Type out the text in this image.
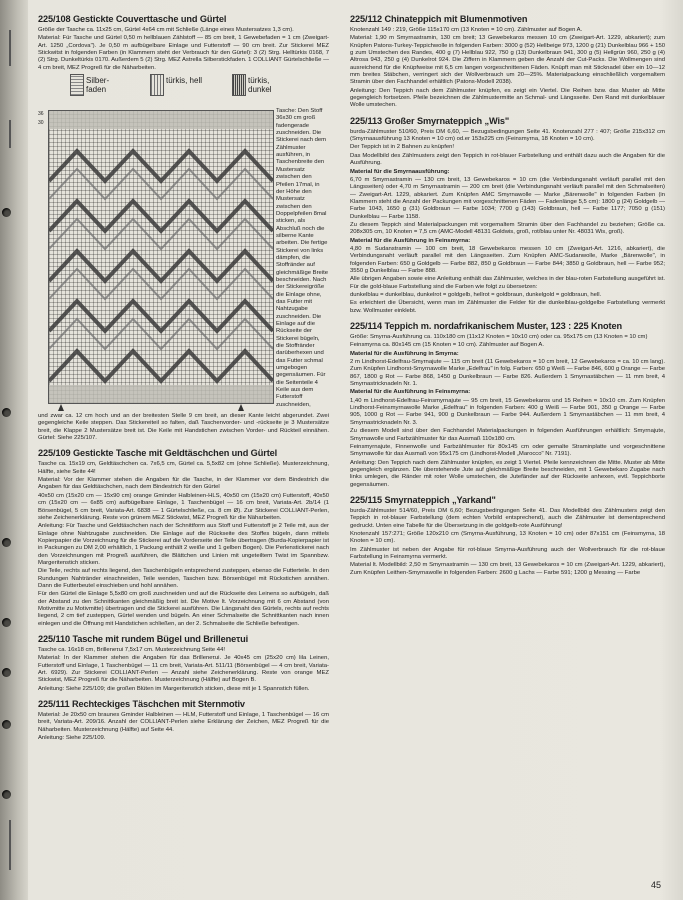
225/108 Gestickte Couverttasche und Gürtel

Größe der Tasche ca. 11x25 cm, Gürtel 4x64 cm mit Schließe (Länge eines Mustersatzes 1,3 cm).

Material: Für Tasche und Gürtel 0,50 m hellblauen Zählstoff — 85 cm breit, 1 Gewebefaden = 1 cm (Zweigart-Art. 1250 „Cordova"). Je 0,50 m aufbügelbare Einlage und Futterstoff — 90 cm breit. Zur Stickerei MEZ Stickwitst in folgenden Farben (in Klammern steht der Verbrauch für den Gürtel): 3 (2) Strg. Helltürkis 0168, 7 (2) Strg. Dunkeltürkis 0170. Außerdem 5 (2) Strg. MEZ Astrella Silberstickfaden. 1 COLLIANT Gürtelschließe — 4 cm breit, MEZ Progreß für die Näharbeiten.

Silber-faden
türkis, hell	türkis, dunkel
36
30
Tasche: Den Stoff 36x30 cm groß fadengerade zuschneiden. Die Stickerei nach dem Zählmuster ausführen, in Taschenbreite den Mustersatz zwischen den Pfeilen 17mal, in der Höhe den Mustersatz zwischen den Doppelpfeilen 8mal sticken, als Abschluß noch die silberne Kante arbeiten. Die fertige Stickerei von links dämpfen, die Stoffränder auf gleichmäßige Breite beschneiden. Nach der Stickereigröße die Einlage ohne, das Futter mit Nahtzugabe zuschneiden. Die Einlage auf die Rückseite der Stickerei bügeln, die Stoffränder darüberhexen und das Futter schmal umgebogen gegensäumen. Für die Seitenteile 4 Keile aus dem Futterstoff zuschneiden,

und zwar ca. 12 cm hoch und an der breitesten Stelle 9 cm breit, an dieser Kante leicht abgerundet. Zwei gegengleiche Keile steppen. Das Stickereiteil so falten, daß Taschenvorder- und -rückseite je 3 Mustersätze breit, die Klappe 2 Mustersätze breit ist. Die Keile mit Handstichen zwischen Vorder- und Rückteil einnähen. Gürtel: Siehe 225/107.

225/109 Gestickte Tasche mit Geldtäschchen und Gürtel

Tasche ca. 15x19 cm, Geldtäschchen ca. 7x6,5 cm, Gürtel ca. 5,5x82 cm (ohne Schließe). Musterzeichnung, Hälfte, siehe Seite 44!

Material: Vor der Klammer stehen die Angaben für die Tasche, in der Klammer vor dem Bindestrich die Angaben für das Geldtäschchen, nach dem Bindestrich für den Gürtel

40x50 cm (15x20 cm — 15x90 cm) orange Gminder Halbleinen-HLS, 40x50 cm (15x20 cm) Futterstoff, 40x50 cm (15x20 cm — 6x85 cm) aufbügelbare Einlage, 1 Taschenbügel — 16 cm breit, Variata-Art. 2b/14 (1 Börsenbügel, 5 cm breit, Variata-Art. 6838 — 1 Gürtelschließe, ca. 8 cm Ø). Zur Stickerei COLLIANT-Perlen, siehe Zeichenerklärung. Reste von grünem MEZ Stickwist, MEZ Progreß für die Näharbeiten.

Anleitung: Für Tasche und Geldtäschchen nach der Schnittform aus Stoff und Futterstoff je 2 Teile mit, aus der Einlage ohne Nahtzugabe zuschneiden. Die Einlage auf die Rückseite des Stoffes bügeln, dann mittels Kopierpapier die Vorzeichnung für die Stickerei auf die Vorderseite der Teile übertragen (Burda-Kopierpapier ist in Packungen zu DM 2,00 erhältlich, 1 Packung enthält 2 weiße und 1 gelben Bogen). Die Perlenstickerei nach den Vorzeichnungen mit Progreß ausführen, die Blättchen und Linien mit ungeteiltem Twist im Spannbzw. Margeritenstich sticken.

Die Teile, rechts auf rechts liegend, den Taschenbügeln entsprechend zusteppen, ebenso die Futterteile. In den Rundungen Nahtränder einschneiden, Teile wenden, Taschen bzw. Börsenbügel mit Rückstichen annähen. Dann die Futterbeutel einschieben und hohl annähen.

Für den Gürtel die Einlage 5,5x80 cm groß zuschneiden und auf die Rückseite des Leinens so aufbügeln, daß der Abstand zu den Schnittkanten gleichmäßig breit ist. Die Motive lt. Vorzeichnung mit 6 cm Abstand (von Motivmitte zu Motivmitte) übertragen und die Stickerei ausführen. Die Längsnaht des Gürtels, rechts auf rechts liegend, 2 cm tief zusteppen, Gürtel wenden und bügeln. An einer Schmalseite die Schnittkanten nach innen einlegen und die Öffnung mit Handstichen schließen, an der 2. Schmalseite die Schließe befestigen.

225/110 Tasche mit rundem Bügel und Brilleneτui

Tasche ca. 16x18 cm, Brilleneτui 7,5x17 cm. Musterzeichnung Seite 44!

Material: In der Klammer stehen die Angaben für das Brilleneτui. Je 40x45 cm (25x20 cm) lila Leinen, Futterstoff und Einlage, 1 Taschenbügel — 11 cm breit, Variata-Art. 511/11 (Börsenbügel — 4 cm breit, Variata-Art. 6929). Zur Stickerei COLLIANT-Perlen — Anzahl siehe Zeichenerklärung. Reste von orange MEZ Stickwist, MEZ Progreß für die Näharbeiten. Musterzeichnung (Hälfte) auf Bogen B.

Anleitung: Siehe 225/109; die großen Blüten im Margeritenstich sticken, diese mit je 1 Spannstich füllen.

225/111 Rechteckiges Täschchen mit Sternmotiv

Material: Je 20x50 cm braunes Gminder Halbleinen — HLM, Futterstoff und Einlage, 1 Taschenbügel — 16 cm breit, Variata-Art. 209/16. Anzahl der COLLIANT-Perlen siehe Erklärung der Zeichen, MEZ Progreß für die Näharbeiten. Musterzeichnung (Hälfte) auf Seite 44.

Anleitung: Siehe 225/109.

225/112 Chinateppich mit Blumenmotiven

Knotenzahl 149 : 219, Größe 115x170 cm (13 Knoten = 10 cm). Zählmuster auf Bogen A.

Material: 1,90 m Smyrnastramin, 130 cm breit; 13 Gewebekaros messen 10 cm (Zweigart-Art. 1229, abkariert); zum Knüpfen Patons-Turkey-Teppichwolle in folgenden Farben: 3000 g (52) Hellbeige 973, 1200 g (21) Dunkelblau 966 + 150 g zum Umstechen des Randes, 400 g (7) Hellblau 922, 750 g (13) Dunkelbraun 941, 300 g (5) Hellgrün 960, 250 g (4) Altrosa 943, 250 g (4) Dunkelrot 924. Die Ziffern in Klammern geben die Anzahl der Cut-Packs. Die Wollmengen sind ausreichend für die Knüpfweise mit 6,5 cm langen vorgeschnittenen Fäden. Knüpft man mit Sticknadel über ein 10—12 mm breites Stäbchen, verringert sich der Wollverbrauch um 20—25%. Materialpackung einschließlich vorgemaltem Stramin über den Fachhandel erhältlich (Patons-Modell 2038).

Anleitung: Den Teppich nach dem Zählmuster knüpfen, es zeigt ein Viertel. Die Reihen bzw. das Muster ab Mitte gegengleich fortsetzen. Pfeile bezeichnen die Zählmustermitte an Schmal- und Längsseite. Den Rand mit dunkelblauer Wolle umstechen.

225/113 Großer Smyrnateppich „Wis"

burda-Zählmuster 510/60, Preis DM 6,60, — Bezugsbedingungen Seite 41. Knotenzahl 277 : 407; Größe 215x312 cm (Smyrnaausführung 13 Knoten = 10 cm) od.er 153x225 cm (Feinsmyrna, 18 Knoten = 10 cm).

Der Teppich ist in 2 Bahnen zu knüpfen!

Das Modellbild des Zählmusters zeigt den Teppich in rot-blauer Farbstellung und enthält dazu auch die Angaben für die Ausführung.

Material für die Smyrnaausführung:

6,70 m Smyrnastramin — 130 cm breit, 13 Gewebekaros = 10 cm (die Verbindungsnaht verläuft parallel mit den Längsseiten) oder 4,70 m Smyrnastramin — 200 cm breit (die Verbindungsnaht verläuft parallel mit den Schmalseiten) — Zweigart-Art. 1229, abkariert. Zum Knüpfen AMC Smyrnawolle — Marke „Bärenwolle" in folgenden Farben (in Klammern steht die Anzahl der Packungen mit vorgeschnittenen Fäden — Fadenlänge 5,5 cm): 1800 g (24) Goldgelb — Farbe 1043, 1650 g (31) Goldbraun — Farbe 1034; 7700 g (143) Goldbraun, hell — Farbe 1177; 7050 g (151) Dunkelblau — Farbe 1158.

Zu diesem Teppich sind Materialpackungen mit vorgemaltem Stramin über den Fachhandel zu beziehen; Größe ca. 208x305 cm, 10 Knoten = 7,5 cm (AMC-Modell 48131 Goldwis, groß, rot/blau unter Nr. 48031 Wis, groß).

Material für die Ausführung in Feinsmyrna:

4,80 m Sudanstramin — 100 cm breit, 18 Gewebekaros messen 10 cm (Zweigart-Art. 1216, abkariert), die Verbindungsnaht verläuft parallel mit den Längsseiten. Zum Knüpfen AMC-Sudanwolle, Marke „Bärenwolle", in folgenden Farben: 650 g Goldgelb — Farbe 882, 850 g Goldbraun — Farbe 844; 3850 g Goldbraun, hell — Farbe 952; 3550 g Dunkelblau — Farbe 888.

Alle übrigen Angaben sowie eine Anleitung enthält das Zählmuster, welches in der blau-roten Farbstellung ausgeführt ist. Für die gold-blaue Farbstellung sind die Farben wie folgt zu übersetzen:

dunkelblau = dunkelblau, dunkelrot = goldgelb, hellrot = goldbraun, dunkelgold = goldbraun, hell.

Es erleichtert die Übersicht, wenn man im Zählmuster die Felder für die dunkelblau-goldgelbe Farbstellung vermerkt bzw. Wollmuster einklebt.

225/114 Teppich m. nordafrikanischem Muster, 123 : 225 Knoten

Größe: Smyrna-Ausführung ca. 110x180 cm (11x12 Knoten = 10x10 cm) oder ca. 95x175 cm (13 Knoten = 10 cm)

Feinsmyrna ca. 80x145 cm (15 Knoten = 10 cm). Zählmuster auf Bogen A.

Material für die Ausführung in Smyrna:

2 m Lindhorst-Edelfrau-Smyrnajute — 115 cm breit (11 Gewebekaros = 10 cm breit, 12 Gewebekaros = ca. 10 cm lang). Zum Knüpfen Lindhorst-Smyrnawolle Marke „Edelfrau" in folg. Farben: 650 g Weiß — Farbe 846, 600 g Orange — Farbe 867, 1800 g Rot — Farbe 868, 1450 g Dunkelbraun — Farbe 826. Außerdem 1 Smyrnastäbchen — 11 mm breit, 4 Smyrnastricknadeln Nr. 1.

Material für die Ausführung in Feinsmyrna:

1,40 m Lindhorst-Edelfrau-Feinsmyrnajute — 95 cm breit, 15 Gewebekaros und 15 Reihen = 10x10 cm. Zum Knüpfen Lindhorst-Feinsmyrnawolle Marke „Edelfrau" in folgenden Farben: 400 g Weiß — Farbe 901, 350 g Orange — Farbe 905, 1000 g Rot — Farbe 941, 900 g Dunkelbraun — Farbe 944. Außerdem 1 Smyrnastäbchen — 11 mm breit, 4 Smyrnastricknadeln Nr. 3.

Zu diesem Modell sind über den Fachhandel Materialpackungen in folgenden Ausführungen erhältlich: Smyrnajute, Smyrnawolle und Farbzählmuster für das Ausmaß 110x180 cm.

Feinsmyrnajute, Finnenwolle und Farbzählmuster für 80x145 cm oder gemalte Straminplatte und vorgeschnittene Smyrnawolle für das Ausmaß von 95x175 cm (Lindhorst-Modell „Marocco" Nr. 7191).

Anleitung: Den Teppich nach dem Zählmuster knüpfen, es zeigt 1 Viertel. Pfeile kennzeichnen die Mitte. Muster ab Mitte gegengleich ergänzen. Die überstehende Jute auf gleichmäßige Breite beschneiden, mit 1 Gewebekaro Zugabe nach links umlegen, die Ränder mit roter Wolle umstechen, die Jutefänder auf der Rückseite anhexen, evtl. Teppichborte gegensäumen.

225/115 Smyrnateppich „Yarkand"

burda-Zählmuster 514/60, Preis DM 6,60; Bezugsbedingungen Seite 41. Das Modellbild des Zählmusters zeigt den Teppich in rot-blauer Farbstellung (dem echten Vorbild entsprechend), auch die Zählmuster ist dementsprechend gedruckt. Unten eine Tabelle für die Übersetzung in die goldgelb-rote Ausführung!

Knotenzahl 157:271; Größe 120x210 cm (Smyrna-Ausführung, 13 Knoten = 10 cm) oder 87x151 cm (Feinsmyrna, 18 Knoten = 10 cm).

Im Zählmuster ist neben der Angabe für rot-blaue Smyrna-Ausführung auch der Wollverbrauch für die rot-blaue Farbstellung in Feinsmyrna vermerkt.

Material lt. Modellbild: 2,50 m Smyrnastramin — 130 cm breit, 13 Gewebekaros = 10 cm (Zweigart-Art. 1229, abkariert), Zum Knüpfen Leithen-Smyrnawolle in folgenden Farben: 2600 g Lachs — Farbe 591; 1200 g Messing — Farbe

45
